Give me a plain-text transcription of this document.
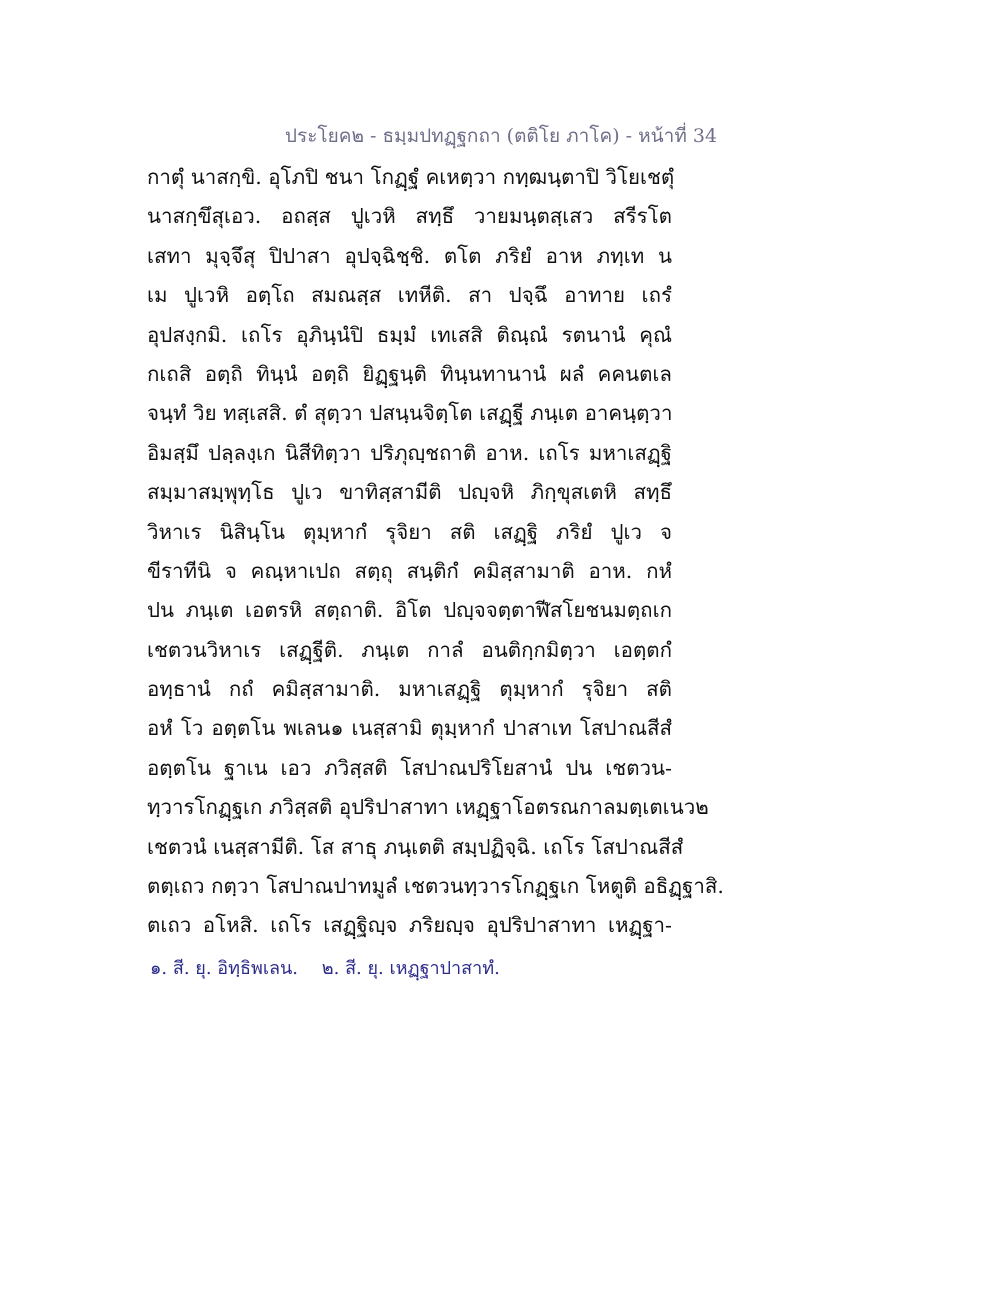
ประโยค๒ - ธมฺมปทฏฺฐกถา (ตติโย ภาโค) - หน้าที่ 34
กาตุํ นาสกฺขิ. อุโภปิ ชนา โกฏฺฐํ คเหตฺวา กทฺฒนฺตาปิ วิโยเชตุํ
นาสกฺขึสุเอว. อถสฺส ปูเวหิ สทฺธึ วายมนฺตสฺเสว สรีรโต
เสทา มุจฺจึสุ ปิปาสา อุปจฺฉิชฺชิ. ตโต ภริยํ อาห ภทฺเท น
เม ปูเวหิ อตฺโถ สมณสฺส เทหีติ. สา ปจฺฉึ อาทาย เถรํ
อุปสงฺกมิ. เถโร อุภินฺนํปิ ธมฺมํ เทเสสิ ติณฺณํ รตนานํ คุณํ
กเถสิ อตฺถิ ทินฺนํ อตฺถิ ยิฏฺฐนฺติ ทินฺนทานานํ ผลํ คคนตเล
จนฺทํ วิย ทสฺเสสิ. ตํ สุตฺวา ปสนฺนจิตฺโต เสฏฺฐี ภนฺเต อาคนฺตฺวา
อิมสฺมึ ปลฺลงฺเก นิสีทิตฺวา ปริภุญฺชถาติ อาห. เถโร มหาเสฏฺฐิ
สมฺมาสมฺพุทฺโธ ปูเว ขาทิสฺสามีติ ปญฺจหิ ภิกฺขุสเตหิ สทฺธึ
วิหาเร นิสินฺโน ตุมฺหากํ รุจิยา สติ เสฏฺฐิ ภริยํ ปูเว จ
ขีราทีนิ จ คณฺหาเปถ สตฺถุ สนฺติกํ คมิสฺสามาติ อาห. กหํ
ปน ภนฺเต เอตรหิ สตฺถาติ. อิโต ปญฺจจตฺตาฬีสโยชนมตฺถเก
เชตวนวิหาเร เสฏฺฐีติ. ภนฺเต กาลํ อนติกฺกมิตฺวา เอตฺตกํ
อทฺธานํ กถํ คมิสฺสามาติ. มหาเสฏฺฐิ ตุมฺหากํ รุจิยา สติ
อหํ โว อตฺตโน พเลน๑ เนสฺสามิ ตุมฺหากํ ปาสาเท โสปาณสีสํ
อตฺตโน ฐาเน เอว ภวิสฺสติ โสปาณปริโยสานํ ปน เชตวน-
ทฺวารโกฏฺฐเก ภวิสฺสติ อุปริปาสาทา เหฏฺฐาโอตรณกาลมตฺเตเนว๒
เชตวนํ เนสฺสามีติ. โส สาธุ ภนฺเตติ สมฺปฏิจฺฉิ. เถโร โสปาณสีสํ
ตตฺเถว กตฺวา โสปาณปาทมูลํ เชตวนทฺวารโกฏฺฐเก โหตูติ อธิฏฺฐาสิ.
ตเถว อโหสิ. เถโร เสฏฺฐิญฺจ ภริยญฺจ อุปริปาสาทา เหฏฺฐา-
๑. สี. ยุ. อิทฺธิพเลน. ๒. สี. ยุ. เหฏฺฐาปาสาทํ.
